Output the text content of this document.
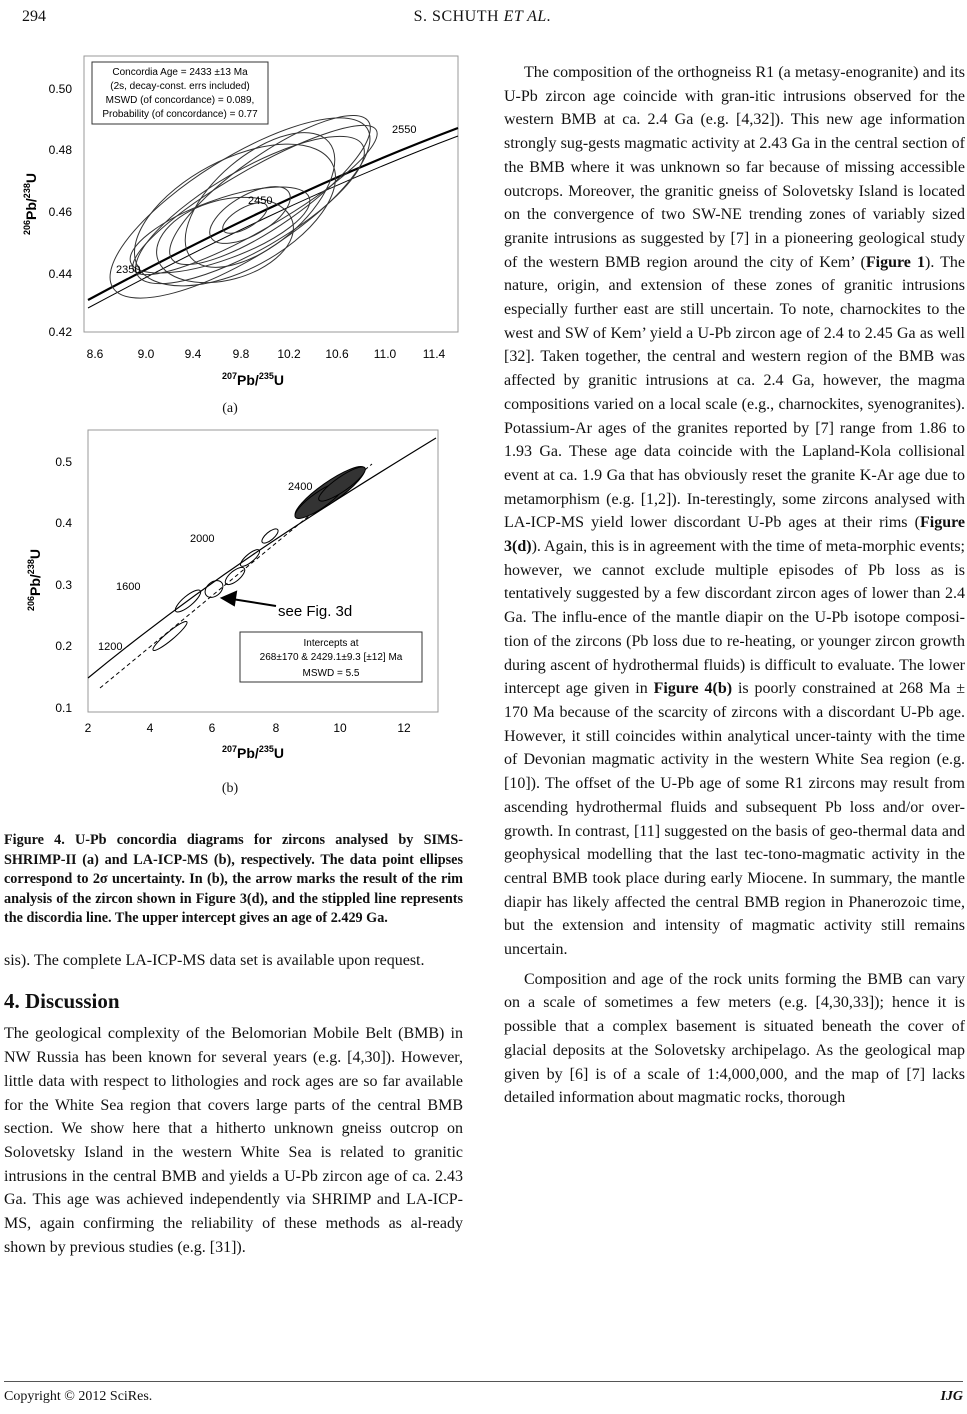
294	S. SCHUTH ET AL.
0.42
0.44
0.46
0.48
0.50
8.6	9.0	9.4	9.8 10.2 10.6 11.0 11.4
2350
2450
2550
Concordia Age = 2433 ±13 Ma
(2s, decay-const. errs included)
MSWD (of concordance) = 0.089,
Probability (of concordance) = 0.77
$^{207}$Pb/$^{235}$U
$^{206}$Pb/$^{238}$U
(a)
see Fig. 3d
Intercepts at
268±170 & 2429.1±9.3 [±12] Ma
MSWD = 5.5
1200
1600
2000
2400
0.1
0.2
0.3
0.4
0.5
2	4	6	8	10	12
$^{207}$Pb/$^{235}$U
$^{206}$Pb/$^{238}$U
(b)
Figure 4. U-Pb concordia diagrams for zircons analysed by SIMS-SHRIMP-II (a) and LA-ICP-MS (b), respectively. The data point ellipses correspond to 2σ uncertainty. In (b), the arrow marks the result of the rim analysis of the zircon shown in Figure 3(d), and the stippled line represents the discordia line. The upper intercept gives an age of 2.429 Ga.

sis). The complete LA-ICP-MS data set is available upon request.

4. Discussion

The geological complexity of the Belomorian Mobile Belt (BMB) in NW Russia has been known for several years (e.g. [4,30]). However, little data with respect to lithologies and rock ages are so far available for the White Sea region that covers large parts of the central BMB section. We show here that a hitherto unknown gneiss outcrop on Solovetsky Island in the western White Sea is related to granitic intrusions in the central BMB and yields a U-Pb zircon age of ca. 2.43 Ga. This age was achieved independently via SHRIMP and LA-ICP-MS, again confirming the reliability of these methods as al-ready shown by previous studies (e.g. [31]).

The composition of the orthogneiss R1 (a metasy-enogranite) and its U-Pb zircon age coincide with gran-itic intrusions observed for the western BMB at ca. 2.4 Ga (e.g. [4,32]). This new age information strongly sug-gests magmatic activity at 2.43 Ga in the central section of the BMB where it was unknown so far because of missing accessible outcrops. Moreover, the granitic gneiss of Solovetsky Island is located on the convergence of two SW-NE trending zones of variably sized granite intrusions as suggested by [7] in a pioneering geological study of the western BMB region around the city of Kem’ (Figure 1). The nature, origin, and extension of these zones of granitic intrusions especially further east are still uncertain. To note, charnockites to the west and SW of Kem’ yield a U-Pb zircon age of 2.4 to 2.45 Ga as well [32]. Taken together, the central and western region of the BMB was affected by granitic intrusions at ca. 2.4 Ga, however, the magma compositions varied on a local scale (e.g., charnockites, syenogranites). Potassium-Ar ages of the granites reported by [7] range from 1.86 to 1.93 Ga. These age data coincide with the Lapland-Kola collisional event at ca. 1.9 Ga that has obviously reset the granite K-Ar age due to metamorphism (e.g. [1,2]). In-terestingly, some zircons analysed with LA-ICP-MS yield lower discordant U-Pb ages at their rims (Figure 3(d)). Again, this is in agreement with the time of meta-morphic events; however, we cannot exclude multiple episodes of Pb loss as is tentatively suggested by a few discordant zircon ages of lower than 2.4 Ga. The influ-ence of the mantle diapir on the U-Pb isotope composi-tion of the zircons (Pb loss due to re-heating, or younger zircon growth during ascent of hydrothermal fluids) is difficult to evaluate. The lower intercept age given in Figure 4(b) is poorly constrained at 268 Ma ± 170 Ma because of the scarcity of zircons with a discordant U-Pb age. However, it still coincides within analytical uncer-tainty with the time of Devonian magmatic activity in the western White Sea region (e.g. [10]). The offset of the U-Pb age of some R1 zircons may result from ascending hydrothermal fluids and subsequent Pb loss and/or over-growth. In contrast, [11] suggested on the basis of geo-thermal data and geophysical modelling that the last tec-tono-magmatic activity in the central BMB took place during early Miocene. In summary, the mantle diapir has likely affected the central BMB region in Phanerozoic time, but the extension and intensity of magmatic activity still remains uncertain.

Composition and age of the rock units forming the BMB can vary on a scale of sometimes a few meters (e.g. [4,30,33]); hence it is possible that a complex basement is situated beneath the cover of glacial deposits at the Solovetsky archipelago. As the geological map given by [6] is of a scale of 1:4,000,000, and the map of [7] lacks detailed information about magmatic rocks, thorough

Copyright © 2012 SciRes.	IJG
